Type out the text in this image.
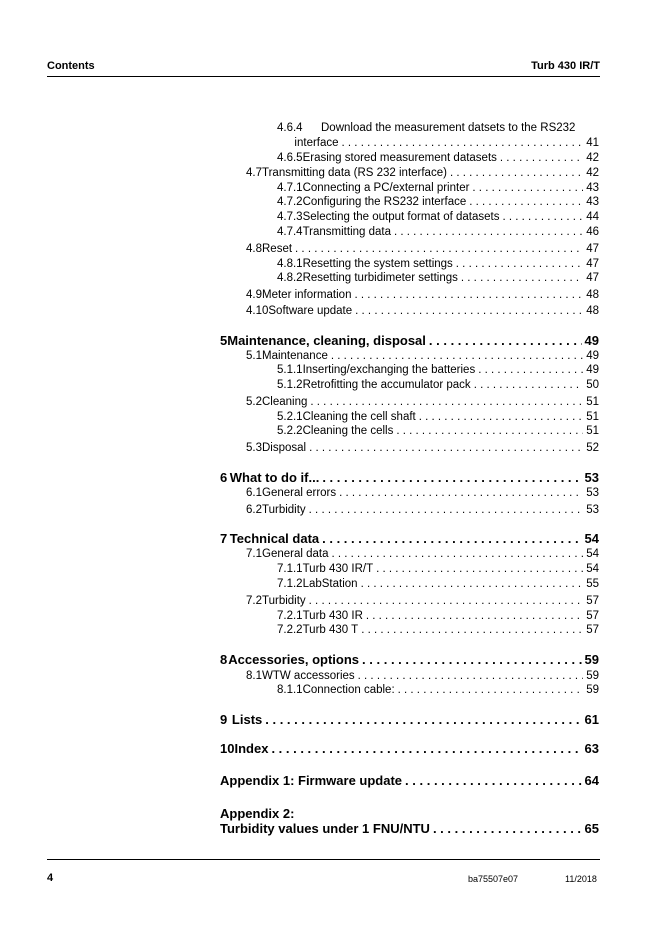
Contents	Turb 430 IR/T
4.6.4 Download the measurement datsets to the RS232
interface . . .	41
4.6.5 Erasing stored measurement datasets . . .	42
4.7 Transmitting data (RS 232 interface) . . .	42
4.7.1 Connecting a PC/external printer . . .	43
4.7.2 Configuring the RS232 interface . . .	43
4.7.3 Selecting the output format of datasets . . .	44
4.7.4 Transmitting data . . .	46
4.8 Reset . . .	47
4.8.1 Resetting the system settings . . .	47
4.8.2 Resetting turbidimeter settings . . .	47
4.9 Meter information . . .	48
4.10 Software update . . .	48
5 Maintenance, cleaning, disposal . . .	49
5.1 Maintenance . . .	49
5.1.1 Inserting/exchanging the batteries . . .	49
5.1.2 Retrofitting the accumulator pack . . .	50
5.2 Cleaning . . .	51
5.2.1 Cleaning the cell shaft . . .	51
5.2.2 Cleaning the cells . . .	51
5.3 Disposal . . .	52
6 What to do if... . . .	53
6.1 General errors . . .	53
6.2 Turbidity . . .	53
7 Technical data . . .	54
7.1 General data . . .	54
7.1.1 Turb 430 IR/T . . .	54
7.1.2 LabStation . . .	55
7.2 Turbidity . . .	57
7.2.1 Turb 430 IR . . .	57
7.2.2 Turb 430 T . . .	57
8 Accessories, options . . .	59
8.1 WTW accessories . . .	59
8.1.1 Connection cable: . . .	59
9 Lists . . .	61
10 Index . . .	63
Appendix 1: Firmware update . . .	64
Appendix 2:
Turbidity values under 1 FNU/NTU . . .	65
4	ba75507e07	11/2018
